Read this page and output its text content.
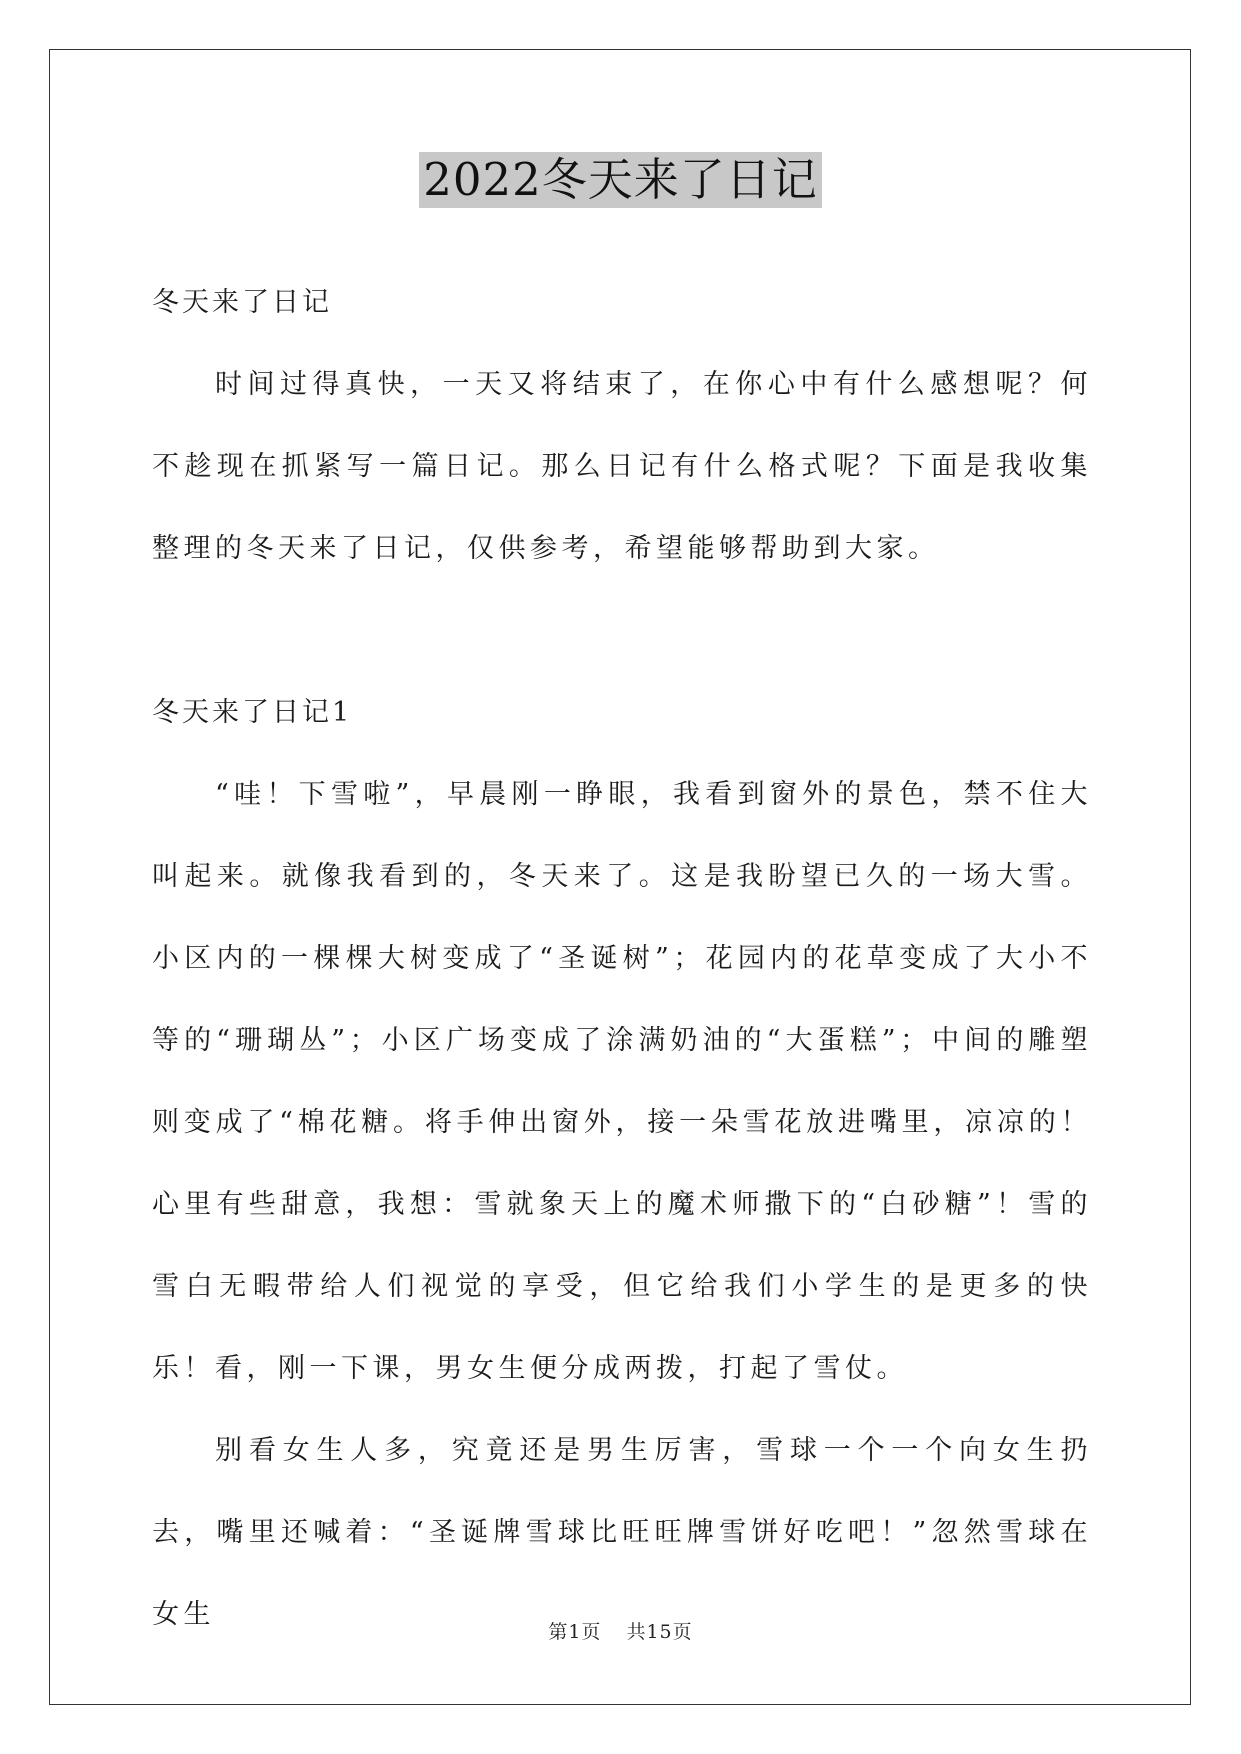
2022冬天来了日记

冬天来了日记

时间过得真快，一天又将结束了，在你心中有什么感想呢？何不趁现在抓紧写一篇日记。那么日记有什么格式呢？下面是我收集整理的冬天来了日记，仅供参考，希望能够帮助到大家。

冬天来了日记1

“哇！下雪啦”，早晨刚一睁眼，我看到窗外的景色，禁不住大叫起来。就像我看到的，冬天来了。这是我盼望已久的一场大雪。小区内的一棵棵大树变成了“圣诞树”；花园内的花草变成了大小不等的“珊瑚丛”；小区广场变成了涂满奶油的“大蛋糕”；中间的雕塑则变成了“棉花糖。将手伸出窗外，接一朵雪花放进嘴里，凉凉的！心里有些甜意，我想：雪就象天上的魔术师撒下的“白砂糖”！雪的雪白无暇带给人们视觉的享受，但它给我们小学生的是更多的快乐！看，刚一下课，男女生便分成两拨，打起了雪仗。

别看女生人多，究竟还是男生厉害，雪球一个一个向女生扔去，嘴里还喊着：“圣诞牌雪球比旺旺牌雪饼好吃吧！”忽然雪球在女生

第1页 共15页
